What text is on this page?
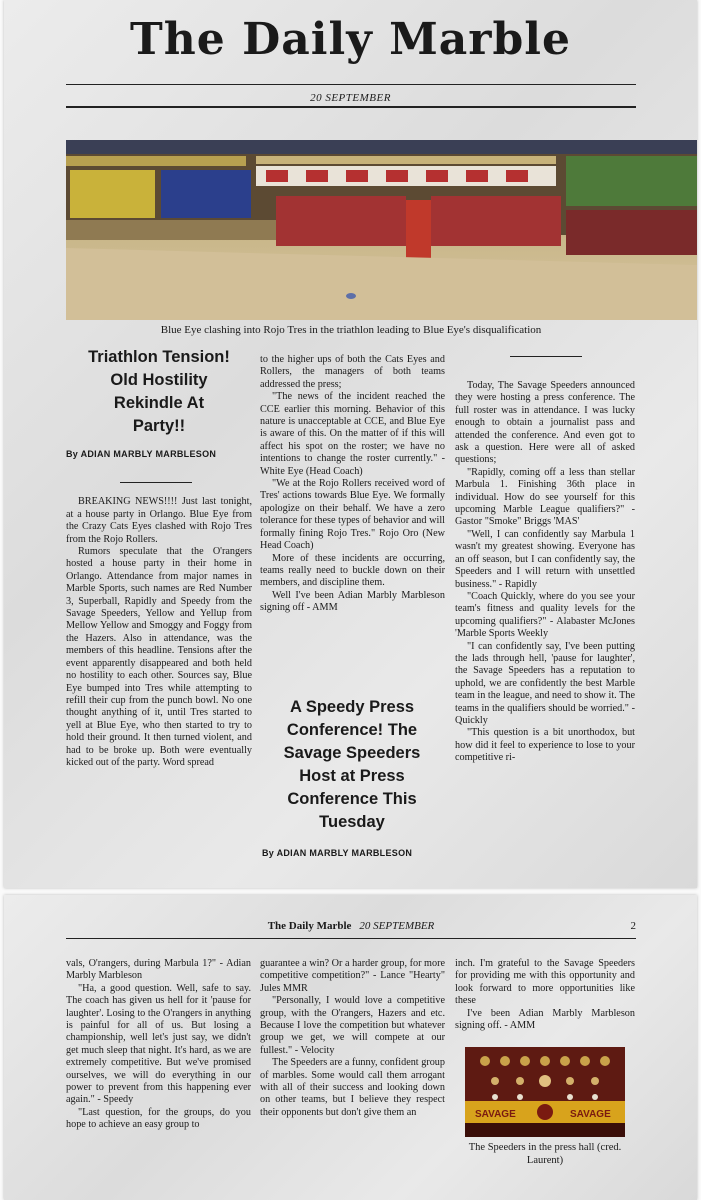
The Daily Marble
20 SEPTEMBER
Blue Eye clashing into Rojo Tres in the triathlon leading to Blue Eye's disqualification
Triathlon Tension!
Old Hostility
Rekindle At
Party!!
By ADIAN MARBLY MARBLESON

BREAKING NEWS!!!! Just last tonight, at a house party in Orlango. Blue Eye from the Crazy Cats Eyes clashed with Rojo Tres from the Rojo Rollers.

Rumors speculate that the O'rangers hosted a house party in their home in Orlango. Attendance from major names in Marble Sports, such names are Red Number 3, Superball, Rapidly and Speedy from the Savage Speeders, Yellow and Yellup from Mellow Yellow and Smoggy and Foggy from the Hazers. Also in attendance, was the members of this headline. Tensions after the event apparently disappeared and both held no hostility to each other. Sources say, Blue Eye bumped into Tres while attempting to refill their cup from the punch bowl. No one thought anything of it, until Tres started to yell at Blue Eye, who then started to try to hold their ground. It then turned violent, and had to be broke up. Both were eventually kicked out of the party. Word spread

to the higher ups of both the Cats Eyes and Rollers, the managers of both teams addressed the press;

"The news of the incident reached the CCE earlier this morning. Behavior of this nature is unacceptable at CCE, and Blue Eye is aware of this. On the matter of if this will affect his spot on the roster; we have no intentions to change the roster currently." - White Eye (Head Coach)

"We at the Rojo Rollers received word of Tres' actions towards Blue Eye. We formally apologize on their behalf. We have a zero tolerance for these types of behavior and will formally fining Rojo Tres." Rojo Oro (New Head Coach)

More of these incidents are occurring, teams really need to buckle down on their members, and discipline them.

Well I've been Adian Marbly Marbleson signing off - AMM

A Speedy Press
Conference! The
Savage Speeders
Host at Press
Conference This
Tuesday
By ADIAN MARBLY MARBLESON

Today, The Savage Speeders announced they were hosting a press conference. The full roster was in attendance. I was lucky enough to obtain a journalist pass and attended the conference. And even got to ask a question. Here were all of asked questions;

"Rapidly, coming off a less than stellar Marbula 1. Finishing 36th place in individual. How do see yourself for this upcoming Marble League qualifiers?" - Gastor "Smoke" Briggs 'MAS'

"Well, I can confidently say Marbula 1 wasn't my greatest showing. Everyone has an off season, but I can confidently say, the Speeders and I will return with unsettled business." - Rapidly

"Coach Quickly, where do you see your team's fitness and quality levels for the upcoming qualifiers?" - Alabaster McJones 'Marble Sports Weekly

"I can confidently say, I've been putting the lads through hell, 'pause for laughter', the Savage Speeders has a reputation to uphold, we are confidently the best Marble team in the league, and need to show it. The teams in the qualifiers should be worried." - Quickly

"This question is a bit unorthodox, but how did it feel to experience to lose to your competitive ri-

The Daily Marble 20 SEPTEMBER	2

vals, O'rangers, during Marbula 1?" - Adian Marbly Marbleson

"Ha, a good question. Well, safe to say. The coach has given us hell for it 'pause for laughter'. Losing to the O'rangers in anything is painful for all of us. But losing a championship, well let's just say, we didn't get much sleep that night. It's hard, as we are extremely competitive. But we've promised ourselves, we will do everything in our power to prevent from this happening ever again." - Speedy

"Last question, for the groups, do you hope to achieve an easy group to

guarantee a win? Or a harder group, for more competitive competition?" - Lance "Hearty" Jules MMR

"Personally, I would love a competitive group, with the O'rangers, Hazers and etc. Because I love the competition but whatever group we get, we will compete at our fullest." - Velocity

The Speeders are a funny, confident group of marbles. Some would call them arrogant with all of their success and looking down on other teams, but I believe they respect their opponents but don't give them an

inch. I'm grateful to the Savage Speeders for providing me with this opportunity and look forward to more opportunities like these

I've been Adian Marbly Marbleson signing off. - AMM

SAVAGE	SAVAGE
The Speeders in the press hall (cred. Laurent)
